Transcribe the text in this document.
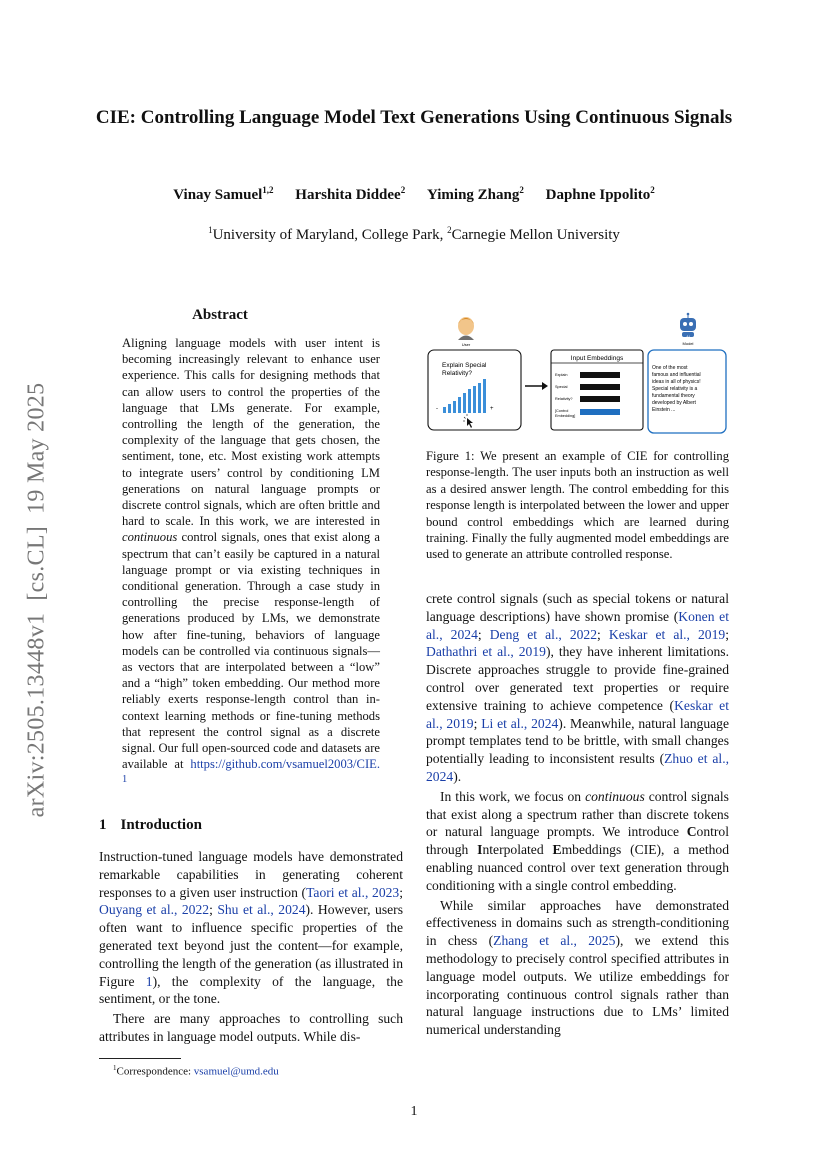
CIE: Controlling Language Model Text Generations Using Continuous Signals
Vinay Samuel$^{1,2}$ Harshita Diddee$^2$ Yiming Zhang$^2$ Daphne Ippolito$^2$
$^1$University of Maryland, College Park, $^2$Carnegie Mellon University
arXiv:2505.13448v1[cs.CL]19 May 2025
Abstract
Aligning language models with user intent is becoming increasingly relevant to enhance user experience. This calls for designing methods that can allow users to control the properties of the language that LMs generate. For example, controlling the length of the generation, the complexity of the language that gets chosen, the sentiment, tone, etc. Most existing work attempts to integrate users’ control by conditioning LM generations on natural language prompts or discrete control signals, which are often brittle and hard to scale. In this work, we are interested in continuous control signals, ones that exist along a spectrum that can’t easily be captured in a natural language prompt or via existing techniques in conditional generation. Through a case study in controlling the precise response-length of generations produced by LMs, we demonstrate how after fine-tuning, behaviors of language models can be controlled via continuous signals—as vectors that are interpolated between a “low” and a “high” token embedding. Our method more reliably exerts response-length control than in-context learning methods or fine-tuning methods that represent the control signal as a discrete signal. Our full open-sourced code and datasets are available at https://github.com/vsamuel2003/CIE. $^1$
1 Introduction

Instruction-tuned language models have demonstrated remarkable capabilities in generating coherent responses to a given user instruction (Taori et al., 2023; Ouyang et al., 2022; Shu et al., 2024). However, users often want to influence specific properties of the generated text beyond just the content—for example, controlling the length of the generation (as illustrated in Figure 1), the complexity of the language, the sentiment, or the tone.

There are many approaches to controlling such attributes in language model outputs. While dis-

$^1$Correspondence: vsamuel@umd.edu
User
AI
Model
Explain Special
Relativity?
-	+
Input Embeddings
Explain
Special
Relativity?
[Control
Embedding]
One of the most
famous and influential
ideas in all of physics!
Special relativity is a
fundamental theory
developed by Albert
Einstein ...
Figure 1: We present an example of CIE for controlling response-length. The user inputs both an instruction as well as a desired answer length. The control embedding for this response length is interpolated between the lower and upper bound control embeddings which are learned during training. Finally the fully augmented model embeddings are used to generate an attribute controlled response.

crete control signals (such as special tokens or natural language descriptions) have shown promise (Konen et al., 2024; Deng et al., 2022; Keskar et al., 2019; Dathathri et al., 2019), they have inherent limitations. Discrete approaches struggle to provide fine-grained control over generated text properties or require extensive training to achieve competence (Keskar et al., 2019; Li et al., 2024). Meanwhile, natural language prompt templates tend to be brittle, with small changes potentially leading to inconsistent results (Zhuo et al., 2024).

In this work, we focus on continuous control signals that exist along a spectrum rather than discrete tokens or natural language prompts. We introduce Control through Interpolated Embeddings (CIE), a method enabling nuanced control over text generation through conditioning with a single control embedding.

While similar approaches have demonstrated effectiveness in domains such as strength-conditioning in chess (Zhang et al., 2025), we extend this methodology to precisely control specified attributes in language model outputs. We utilize embeddings for incorporating continuous control signals rather than natural language instructions due to LMs’ limited numerical understanding

1
